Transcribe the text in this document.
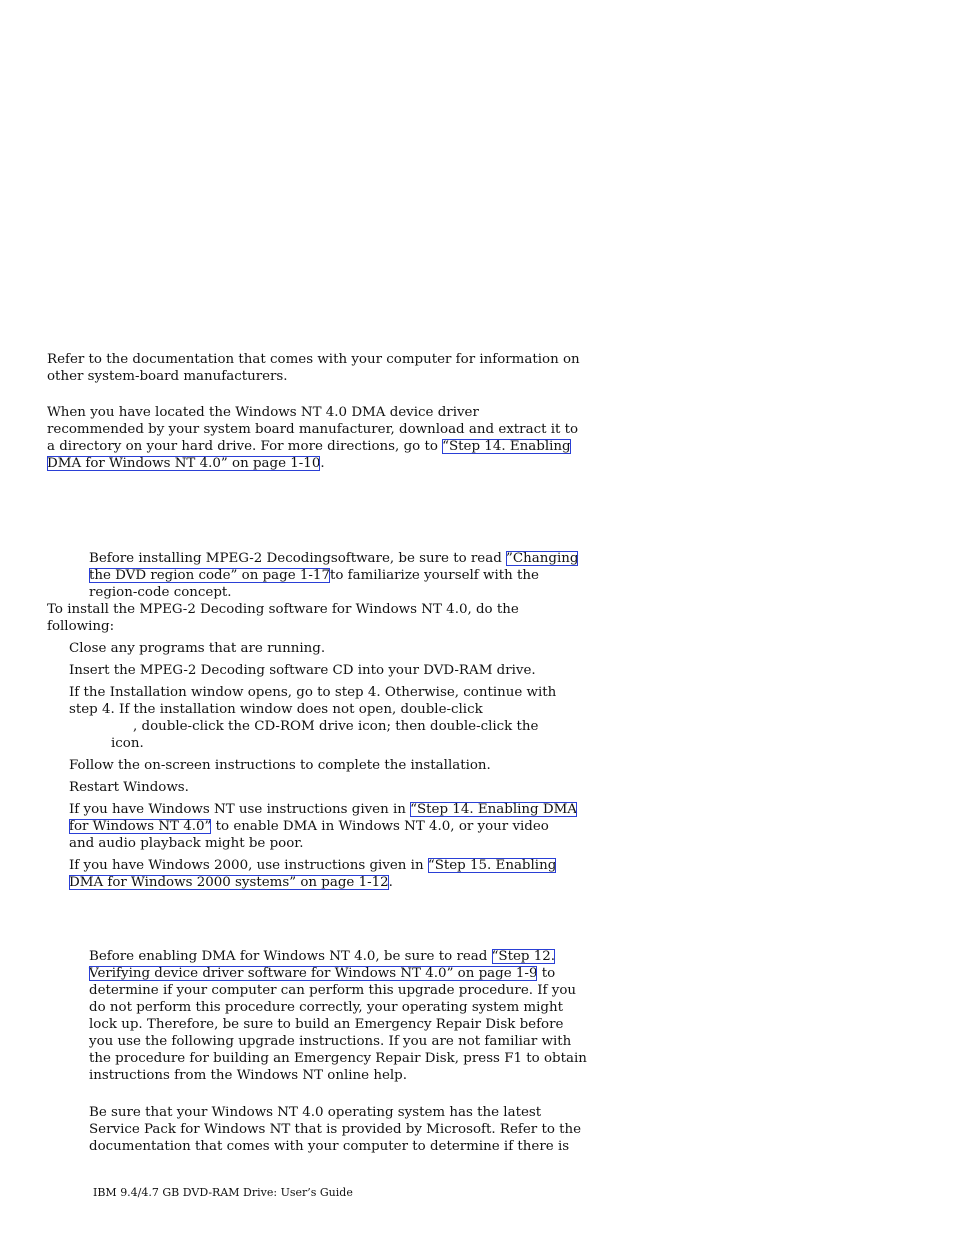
Refer to the documentation that comes with your computer for information on
other system-board manufacturers.
When you have located the Windows NT 4.0 DMA device driver
recommended by your system board manufacturer, download and extract it to
a directory on your hard drive. For more directions, go to “Step 14. Enabling
DMA for Windows NT 4.0” on page 1-10.
Before installing MPEG-2 Decodingsoftware, be sure to read ”Changing
the DVD region code” on page 1-17to familiarize yourself with the
region-code concept.
To install the MPEG-2 Decoding software for Windows NT 4.0, do the
following:
Close any programs that are running.
Insert the MPEG-2 Decoding software CD into your DVD-RAM drive.
If the Installation window opens, go to step 4. Otherwise, continue with
step 4. If the installation window does not open, double-click
, double-click the CD-ROM drive icon; then double-click the
icon.
Follow the on-screen instructions to complete the installation.
Restart Windows.
If you have Windows NT use instructions given in “Step 14. Enabling DMA
for Windows NT 4.0” to enable DMA in Windows NT 4.0, or your video
and audio playback might be poor.
If you have Windows 2000, use instructions given in “Step 15. Enabling
DMA for Windows 2000 systems” on page 1-12.
Before enabling DMA for Windows NT 4.0, be sure to read “Step 12.
Verifying device driver software for Windows NT 4.0” on page 1-9 to
determine if your computer can perform this upgrade procedure. If you
do not perform this procedure correctly, your operating system might
lock up. Therefore, be sure to build an Emergency Repair Disk before
you use the following upgrade instructions. If you are not familiar with
the procedure for building an Emergency Repair Disk, press F1 to obtain
instructions from the Windows NT online help.
Be sure that your Windows NT 4.0 operating system has the latest
Service Pack for Windows NT that is provided by Microsoft. Refer to the
documentation that comes with your computer to determine if there is
IBM 9.4/4.7 GB DVD-RAM Drive: User’s Guide
